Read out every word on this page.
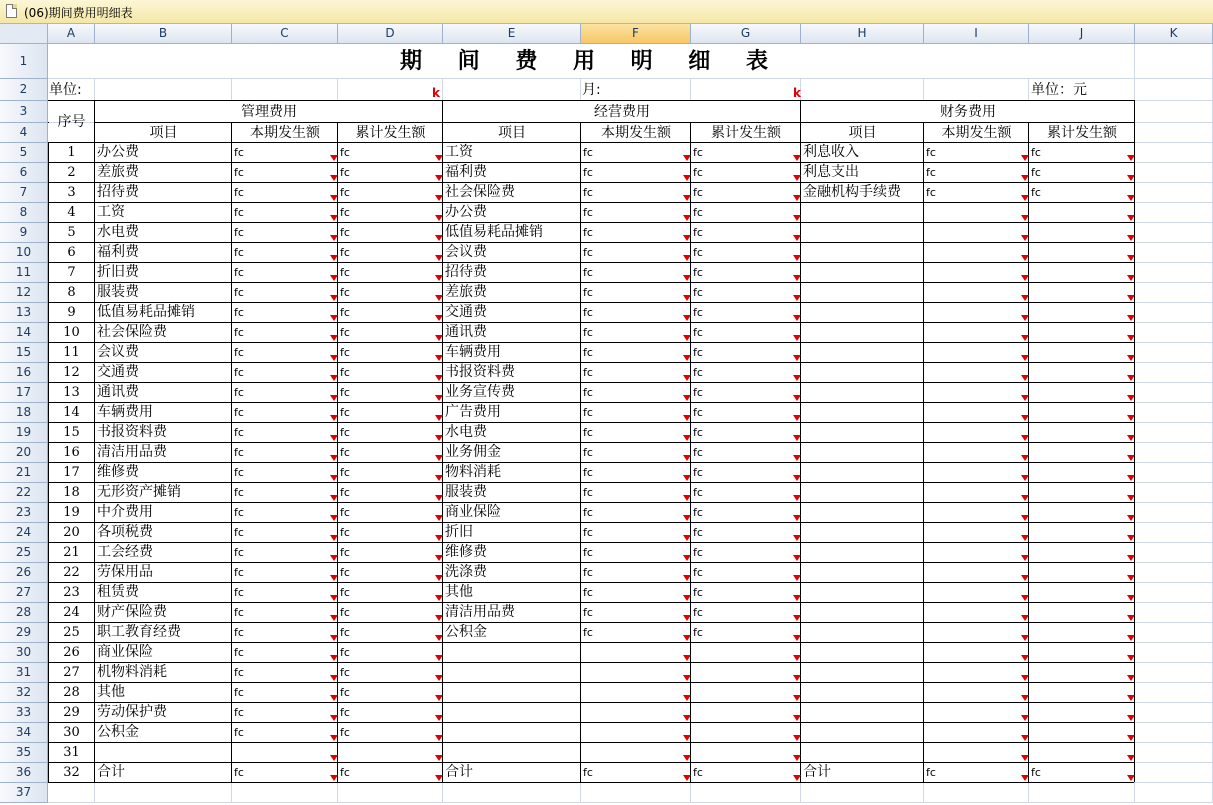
(06)期间费用明细表
A	B	C	D	E	F	G	H	I	J	K
1
2
3
4
5
6
7
8
9
10
11
12
13
14
15
16
17
18
19
20
21
22
23
24
25
26
27
28
29
30
31
32
33
34
35
36
37
期 间 费 用 明 细 表
单位:	月:	单位：元
k	k
序号
管理费用
项目	本期发生额	累计发生额
经营费用
项目	本期发生额	累计发生额
财务费用
项目	本期发生额	累计发生额
1	办公费	fc	fc	工资	fc	fc	利息收入	fc	fc
2	差旅费	fc	fc	福利费	fc	fc	利息支出	fc	fc
3	招待费	fc	fc	社会保险费	fc	fc	金融机构手续费	fc	fc
4	工资	fc	fc	办公费	fc	fc
5	水电费	fc	fc	低值易耗品摊销	fc	fc
6	福利费	fc	fc	会议费	fc	fc
7	折旧费	fc	fc	招待费	fc	fc
8	服装费	fc	fc	差旅费	fc	fc
9	低值易耗品摊销	fc	fc	交通费	fc	fc
10	社会保险费	fc	fc	通讯费	fc	fc
11	会议费	fc	fc	车辆费用	fc	fc
12	交通费	fc	fc	书报资料费	fc	fc
13	通讯费	fc	fc	业务宣传费	fc	fc
14	车辆费用	fc	fc	广告费用	fc	fc
15	书报资料费	fc	fc	水电费	fc	fc
16	清洁用品费	fc	fc	业务佣金	fc	fc
17	维修费	fc	fc	物料消耗	fc	fc
18	无形资产摊销	fc	fc	服装费	fc	fc
19	中介费用	fc	fc	商业保险	fc	fc
20	各项税费	fc	fc	折旧	fc	fc
21	工会经费	fc	fc	维修费	fc	fc
22	劳保用品	fc	fc	洗涤费	fc	fc
23	租赁费	fc	fc	其他	fc	fc
24	财产保险费	fc	fc	清洁用品费	fc	fc
25	职工教育经费	fc	fc	公积金	fc	fc
26	商业保险	fc	fc
27	机物料消耗	fc	fc
28	其他	fc	fc
29	劳动保护费	fc	fc
30	公积金	fc	fc
31
32	合计	fc	fc	合计	fc	fc	合计	fc	fc
